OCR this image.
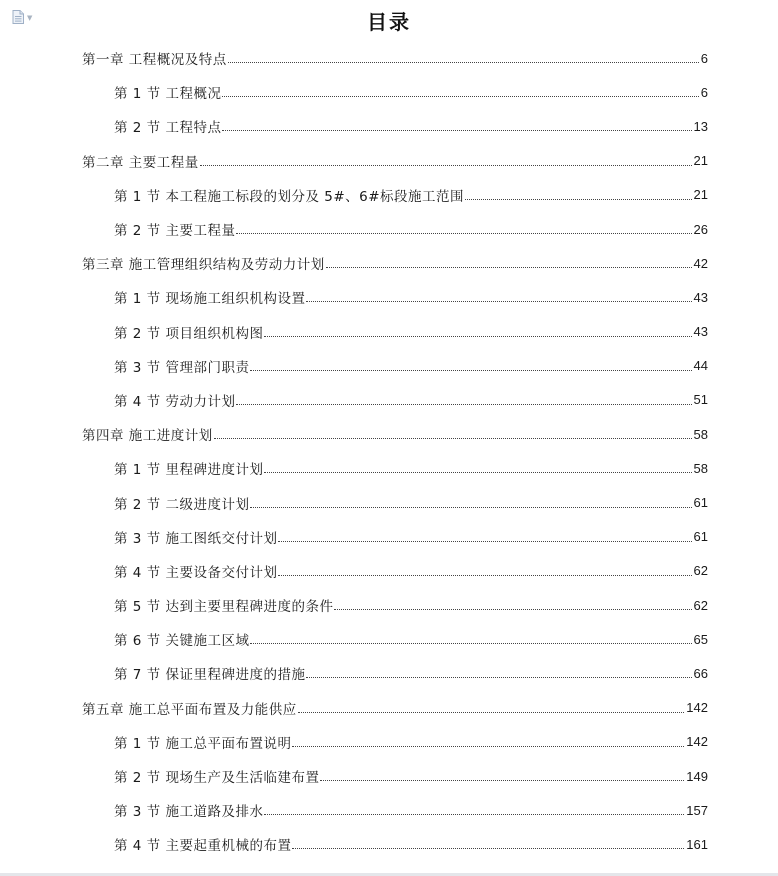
▼	目录
第一章 工程概况及特点	6
第 1 节 工程概况	6
第 2 节 工程特点	13
第二章 主要工程量	21
第 1 节 本工程施工标段的划分及 5#、6#标段施工范围	21
第 2 节 主要工程量	26
第三章 施工管理组织结构及劳动力计划	42
第 1 节 现场施工组织机构设置	43
第 2 节 项目组织机构图	43
第 3 节 管理部门职责	44
第 4 节 劳动力计划	51
第四章 施工进度计划	58
第 1 节 里程碑进度计划	58
第 2 节 二级进度计划	61
第 3 节 施工图纸交付计划	61
第 4 节 主要设备交付计划	62
第 5 节 达到主要里程碑进度的条件	62
第 6 节 关键施工区域	65
第 7 节 保证里程碑进度的措施	66
第五章 施工总平面布置及力能供应	142
第 1 节 施工总平面布置说明	142
第 2 节 现场生产及生活临建布置	149
第 3 节 施工道路及排水	157
第 4 节 主要起重机械的布置	161
